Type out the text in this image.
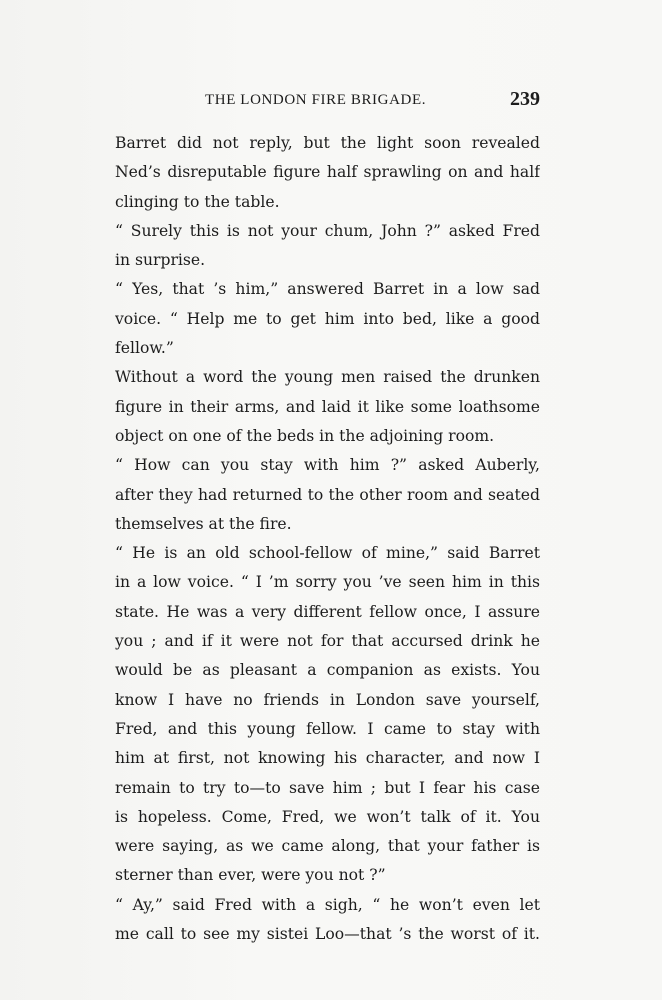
THE LONDON FIRE BRIGADE.	239
Barret did not reply, but the light soon revealed
Ned’s disreputable figure half sprawling on and half
clinging to the table.
“ Surely this is not your chum, John ?” asked Fred
in surprise.
“ Yes, that ’s him,” answered Barret in a low sad
voice. “ Help me to get him into bed, like a good
fellow.”
Without a word the young men raised the drunken
figure in their arms, and laid it like some loathsome
object on one of the beds in the adjoining room.
“ How can you stay with him ?” asked Auberly,
after they had returned to the other room and seated
themselves at the fire.
“ He is an old school-fellow of mine,” said Barret
in a low voice. “ I ’m sorry you ’ve seen him in this
state. He was a very different fellow once, I assure
you ; and if it were not for that accursed drink he
would be as pleasant a companion as exists. You
know I have no friends in London save yourself,
Fred, and this young fellow. I came to stay with
him at first, not knowing his character, and now I
remain to try to—to save him ; but I fear his case
is hopeless. Come, Fred, we won’t talk of it. You
were saying, as we came along, that your father is
sterner than ever, were you not ?”
“ Ay,” said Fred with a sigh, “ he won’t even let
me call to see my sistei Loo—that ’s the worst of it.
